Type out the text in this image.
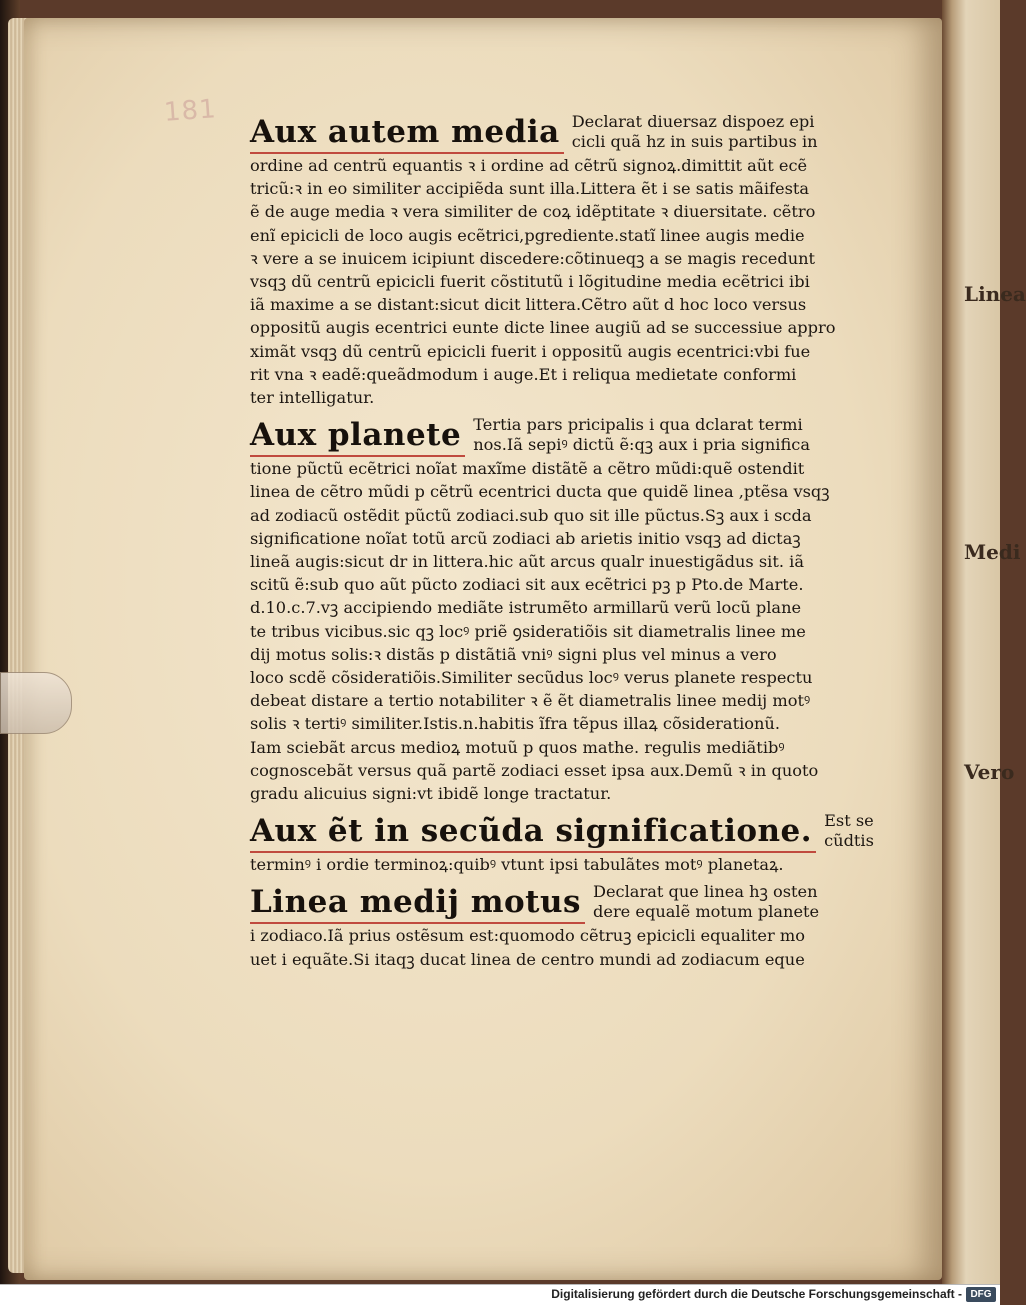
181
Aux autem media Declarat diuersaz dispoez epi
cicli quã hz in suis partibus in
ordine ad centrũ equantis ꝛ i ordine ad cẽtrũ signoꝝ.dimittit aũt ecẽ
tricũ:ꝛ in eo similiter accipiẽda sunt illa.Littera ẽt i se satis mãifesta
ẽ de auge media ꝛ vera similiter de coꝝ idẽptitate ꝛ diuersitate. cẽtro
enĩ epicicli de loco augis ecẽtrici,pgrediente.statĩ linee augis medie
ꝛ vere a se inuicem icipiunt discedere:cõtinueqꝫ a se magis recedunt
vsqꝫ dũ centrũ epicicli fuerit cõstitutũ i lõgitudine media ecẽtrici ibi
iã maxime a se distant:sicut dicit littera.Cẽtro aũt d hoc loco versus
oppositũ augis ecentrici eunte dicte linee augiũ ad se successiue appro
ximãt vsqꝫ dũ centrũ epicicli fuerit i oppositũ augis ecentrici:vbi fue
rit vna ꝛ eadẽ:queãdmodum i auge.Et i reliqua medietate conformi
ter intelligatur.
Aux planete Tertia pars pricipalis i qua dclarat termi
nos.Iã sepiꝰ dictũ ẽ:qꝫ aux i pria significa
tione pũctũ ecẽtrici noĩat maxĩme distãtẽ a cẽtro mũdi:quẽ ostendit
linea de cẽtro mũdi p cẽtrũ ecentrici ducta que quidẽ linea ,ptẽsa vsqꝫ
ad zodiacũ ostẽdit pũctũ zodiaci.sub quo sit ille pũctus.Sꝫ aux i scda
significatione noĩat totũ arcũ zodiaci ab arietis initio vsqꝫ ad dictaꝫ
lineã augis:sicut dr in littera.hic aũt arcus qualr inuestigãdus sit. iã
scitũ ẽ:sub quo aũt pũcto zodiaci sit aux ecẽtrici pꝫ p Pto.de Marte.
d.10.c.7.vꝫ accipiendo mediãte istrumẽto armillarũ verũ locũ plane
te tribus vicibus.sic qꝫ locꝰ priẽ ꝯsideratiõis sit diametralis linee me
dij motus solis:ꝛ distãs p distãtiã vniꝰ signi plus vel minus a vero
loco scdẽ cõsideratiõis.Similiter secũdus locꝰ verus planete respectu
debeat distare a tertio notabiliter ꝛ ẽ ẽt diametralis linee medij motꝰ
solis ꝛ tertiꝰ similiter.Istis.n.habitis ĩfra tẽpus illaꝝ cõsiderationũ.
Iam sciebãt arcus medioꝝ motuũ p quos mathe. regulis mediãtibꝰ
cognoscebãt versus quã partẽ zodiaci esset ipsa aux.Demũ ꝛ in quoto
gradu alicuius signi:vt ibidẽ longe tractatur.
Aux ẽt in secũda significatione. Est se
cũdtis
terminꝰ i ordie terminoꝝ:quibꝰ vtunt ipsi tabulãtes motꝰ planetaꝝ.
Linea medij motus Declarat que linea hꝫ osten
dere equalẽ motum planete
i zodiaco.Iã prius ostẽsum est:quomodo cẽtruꝫ epicicli equaliter mo
uet i equãte.Si itaqꝫ ducat linea de centro mundi ad zodiacum eque
Linea
Medi
Vero
Digitalisierung gefördert durch die Deutsche Forschungsgemeinschaft - DFG
